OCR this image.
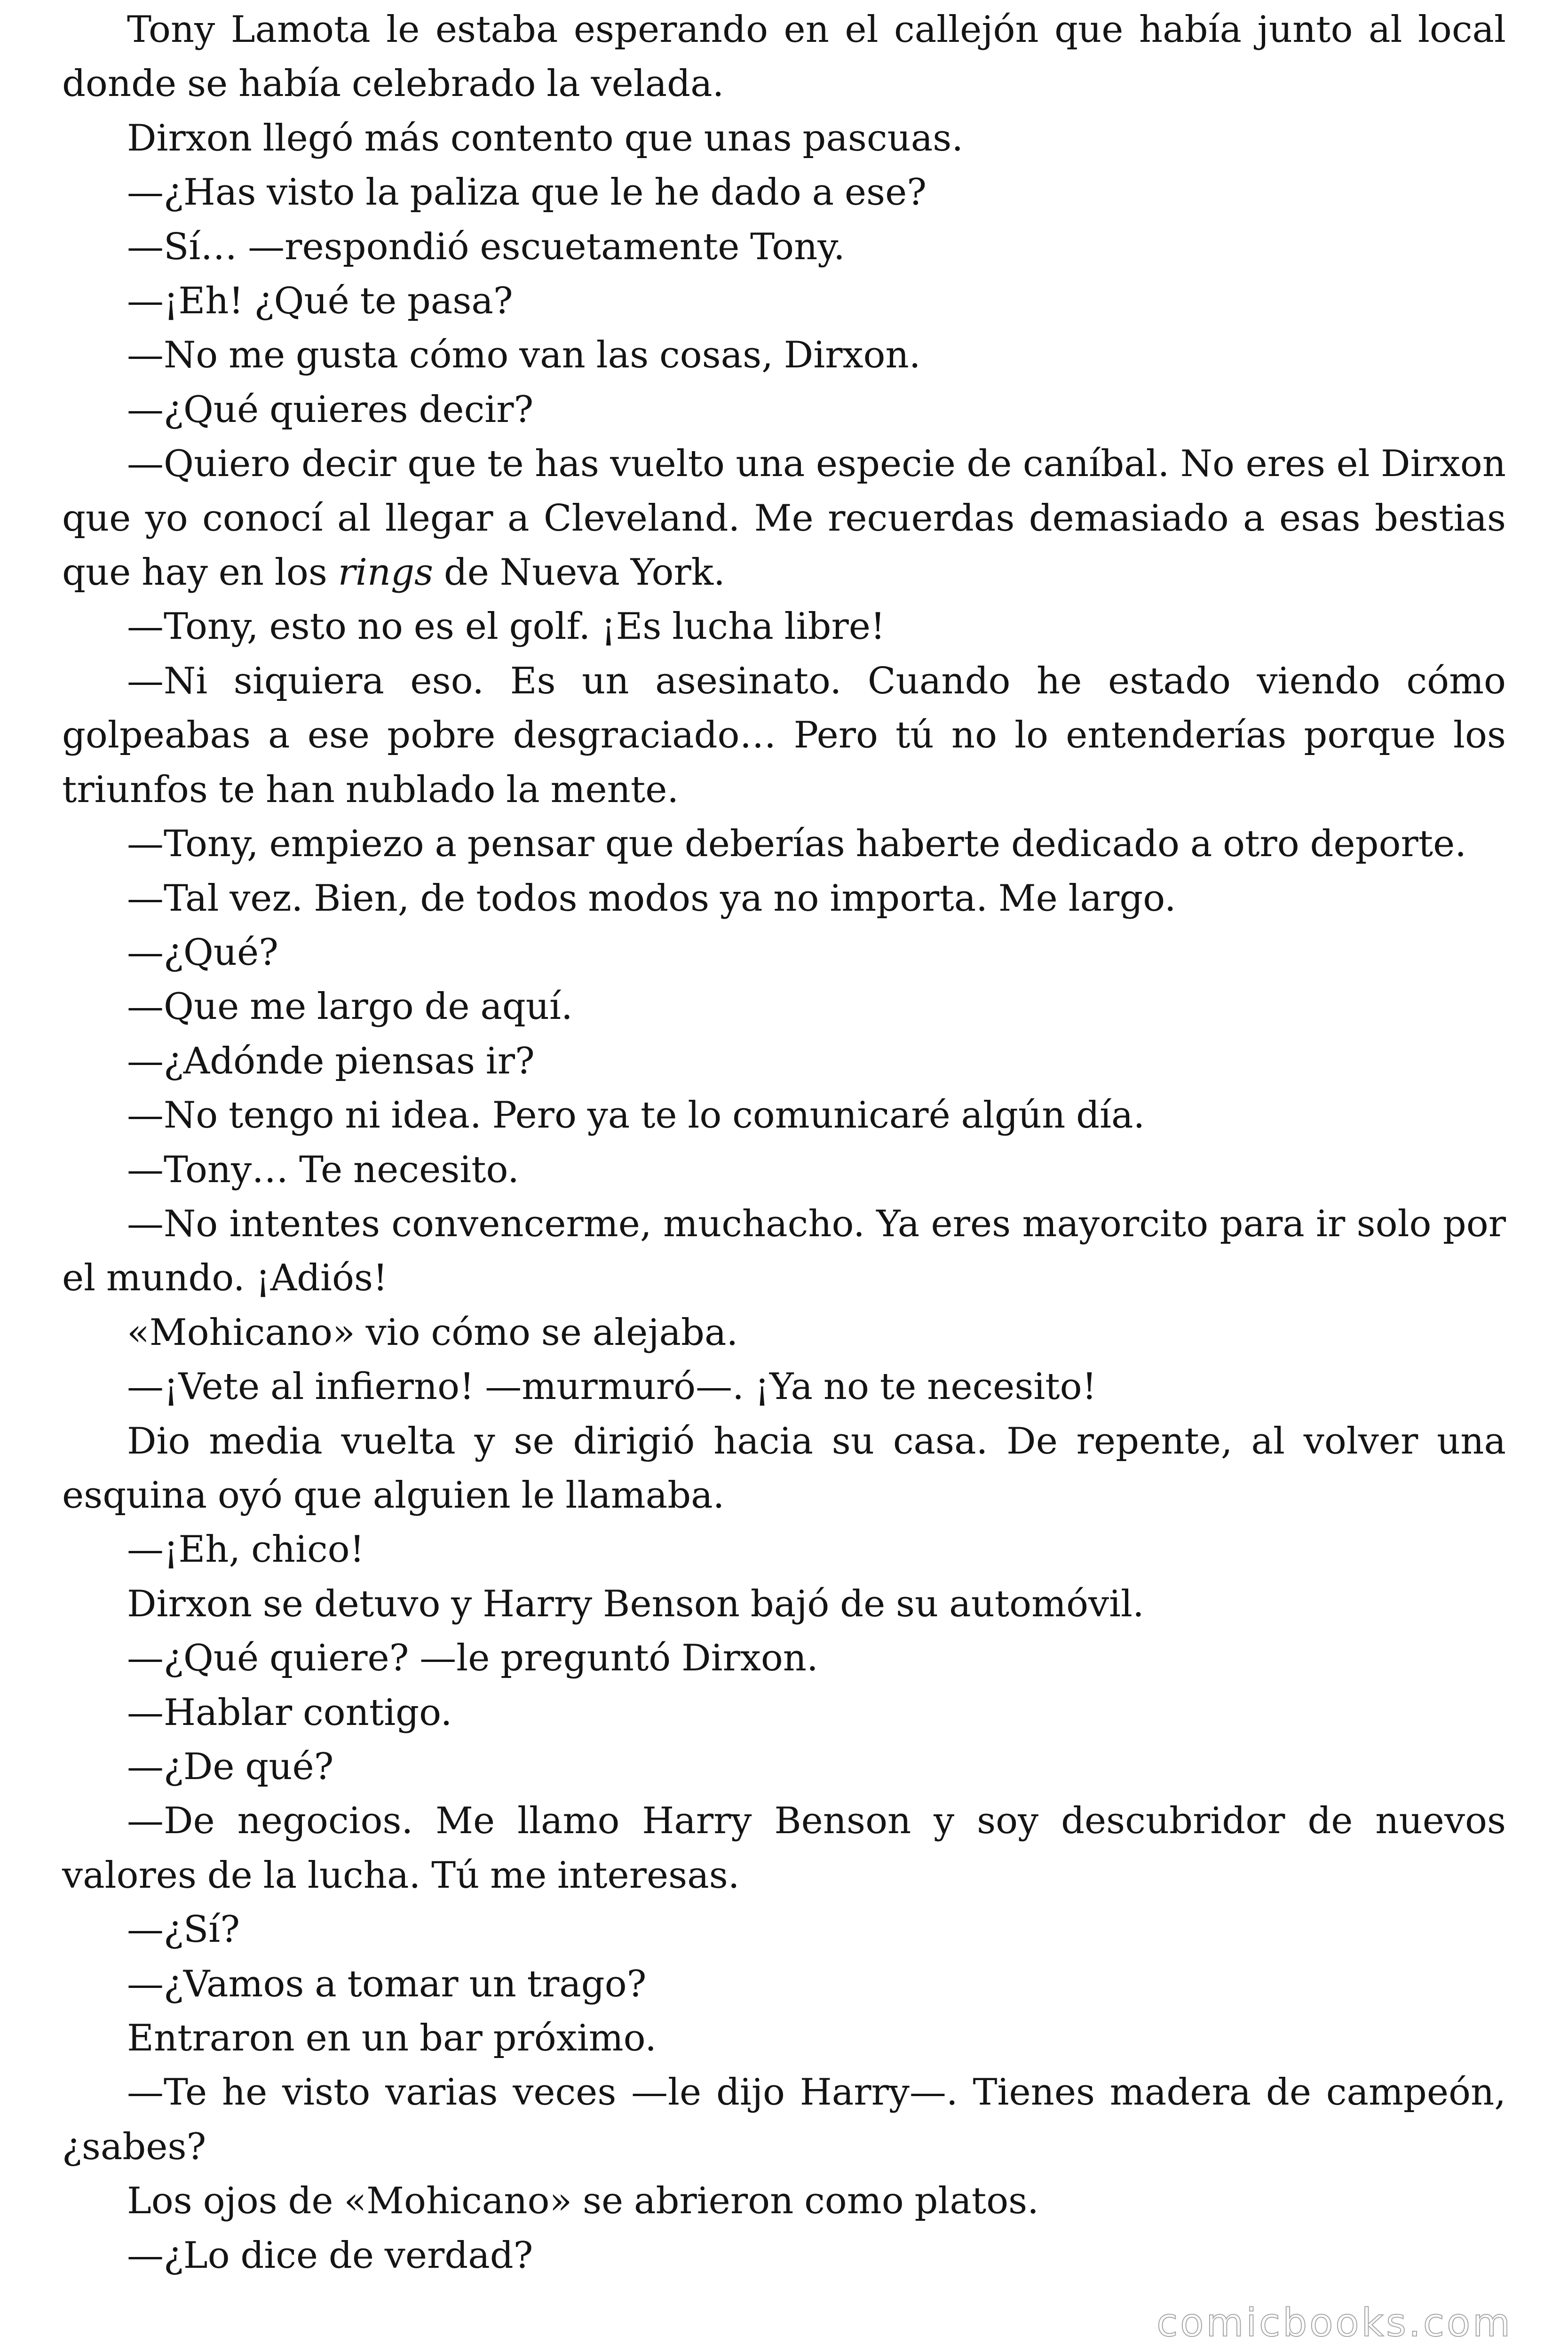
Tony Lamota le estaba esperando en el callejón que había junto al local donde se había celebrado la velada.

Dirxon llegó más contento que unas pascuas.

—¿Has visto la paliza que le he dado a ese?

—Sí… —respondió escuetamente Tony.

—¡Eh! ¿Qué te pasa?

—No me gusta cómo van las cosas, Dirxon.

—¿Qué quieres decir?

—Quiero decir que te has vuelto una especie de caníbal. No eres el Dirxon que yo conocí al llegar a Cleveland. Me recuerdas demasiado a esas bestias que hay en los rings de Nueva York.

—Tony, esto no es el golf. ¡Es lucha libre!

—Ni siquiera eso. Es un asesinato. Cuando he estado viendo cómo golpeabas a ese pobre desgraciado… Pero tú no lo entenderías porque los triunfos te han nublado la mente.

—Tony, empiezo a pensar que deberías haberte dedicado a otro deporte.

—Tal vez. Bien, de todos modos ya no importa. Me largo.

—¿Qué?

—Que me largo de aquí.

—¿Adónde piensas ir?

—No tengo ni idea. Pero ya te lo comunicaré algún día.

—Tony… Te necesito.

—No intentes convencerme, muchacho. Ya eres mayorcito para ir solo por el mundo. ¡Adiós!

«Mohicano» vio cómo se alejaba.

—¡Vete al infierno! —murmuró—. ¡Ya no te necesito!

Dio media vuelta y se dirigió hacia su casa. De repente, al volver una esquina oyó que alguien le llamaba.

—¡Eh, chico!

Dirxon se detuvo y Harry Benson bajó de su automóvil.

—¿Qué quiere? —le preguntó Dirxon.

—Hablar contigo.

—¿De qué?

—De negocios. Me llamo Harry Benson y soy descubridor de nuevos valores de la lucha. Tú me interesas.

—¿Sí?

—¿Vamos a tomar un trago?

Entraron en un bar próximo.

—Te he visto varias veces —le dijo Harry—. Tienes madera de campeón, ¿sabes?

Los ojos de «Mohicano» se abrieron como platos.

—¿Lo dice de verdad?

comicbooks.com
